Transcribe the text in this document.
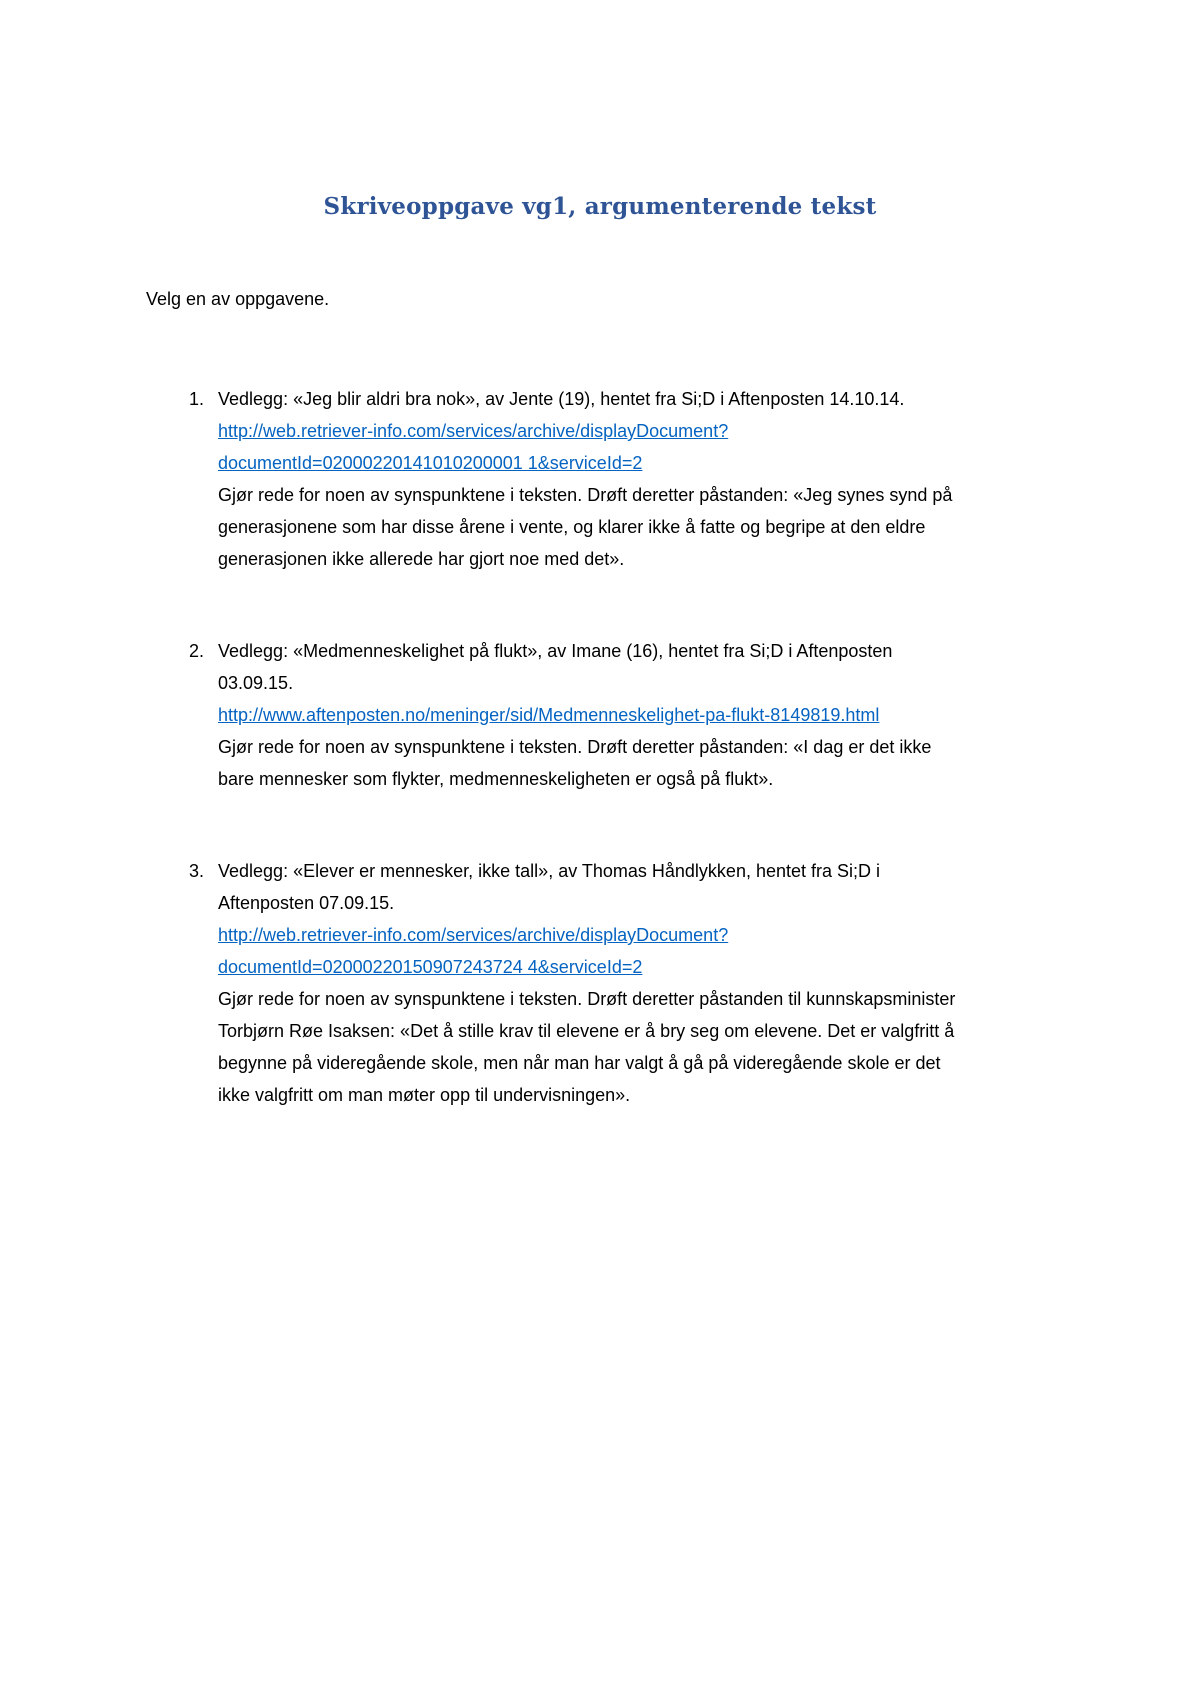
Skriveoppgave vg1, argumenterende tekst
Velg en av oppgavene.
1. Vedlegg: «Jeg blir aldri bra nok», av Jente (19), hentet fra Si;D i Aftenposten 14.10.14.
http://web.retriever-info.com/services/archive/displayDocument?
documentId=02000220141010200001 1&serviceId=2
Gjør rede for noen av synspunktene i teksten. Drøft deretter påstanden: «Jeg synes synd på
generasjonene som har disse årene i vente, og klarer ikke å fatte og begripe at den eldre
generasjonen ikke allerede har gjort noe med det».
2. Vedlegg: «Medmenneskelighet på flukt», av Imane (16), hentet fra Si;D i Aftenposten
03.09.15.
http://www.aftenposten.no/meninger/sid/Medmenneskelighet-pa-flukt-8149819.html
Gjør rede for noen av synspunktene i teksten. Drøft deretter påstanden: «I dag er det ikke
bare mennesker som flykter, medmenneskeligheten er også på flukt».
3. Vedlegg: «Elever er mennesker, ikke tall», av Thomas Håndlykken, hentet fra Si;D i
Aftenposten 07.09.15.
http://web.retriever-info.com/services/archive/displayDocument?
documentId=02000220150907243724 4&serviceId=2
Gjør rede for noen av synspunktene i teksten. Drøft deretter påstanden til kunnskapsminister
Torbjørn Røe Isaksen: «Det å stille krav til elevene er å bry seg om elevene. Det er valgfritt å
begynne på videregående skole, men når man har valgt å gå på videregående skole er det
ikke valgfritt om man møter opp til undervisningen».
